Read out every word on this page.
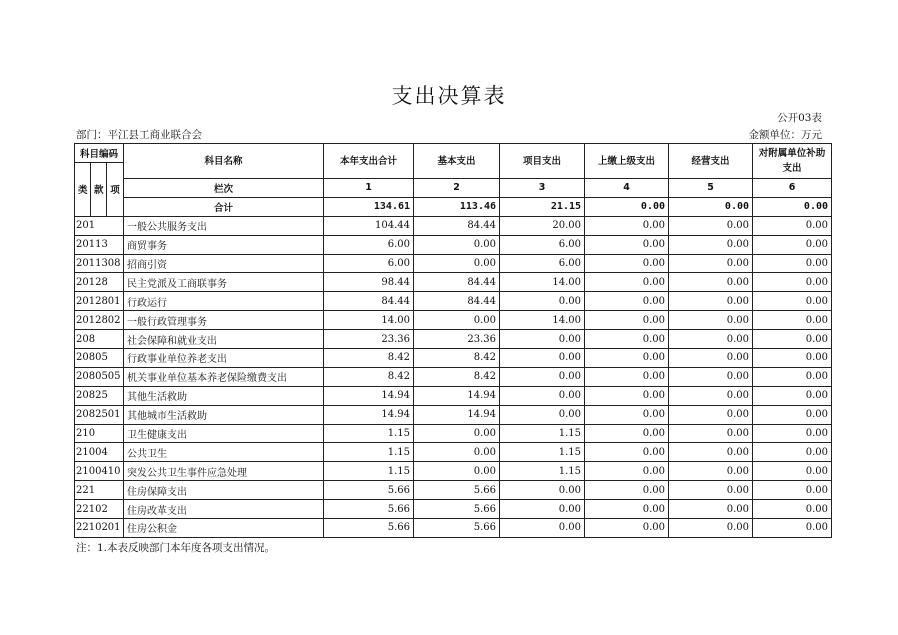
支出决算表
公开03表
部门：平江县工商业联合会	金额单位：万元
科目编码			科目名称	本年支出合计	基本支出	项目支出	上缴上级支出	经营支出	对附属单位补助支出
类	款	项							
			栏次	1	2	3	4	5	6
			合计	134.61	113.46	21.15	0.00	0.00	0.00
201			一般公共服务支出	104.44	84.44	20.00	0.00	0.00	0.00
20113			商贸事务	6.00	0.00	6.00	0.00	0.00	0.00
2011308			招商引资	6.00	0.00	6.00	0.00	0.00	0.00
20128			民主党派及工商联事务	98.44	84.44	14.00	0.00	0.00	0.00
2012801			行政运行	84.44	84.44	0.00	0.00	0.00	0.00
2012802			一般行政管理事务	14.00	0.00	14.00	0.00	0.00	0.00
208			社会保障和就业支出	23.36	23.36	0.00	0.00	0.00	0.00
20805			行政事业单位养老支出	8.42	8.42	0.00	0.00	0.00	0.00
2080505			机关事业单位基本养老保险缴费支出	8.42	8.42	0.00	0.00	0.00	0.00
20825			其他生活救助	14.94	14.94	0.00	0.00	0.00	0.00
2082501			其他城市生活救助	14.94	14.94	0.00	0.00	0.00	0.00
210			卫生健康支出	1.15	0.00	1.15	0.00	0.00	0.00
21004			公共卫生	1.15	0.00	1.15	0.00	0.00	0.00
2100410			突发公共卫生事件应急处理	1.15	0.00	1.15	0.00	0.00	0.00
221			住房保障支出	5.66	5.66	0.00	0.00	0.00	0.00
22102			住房改革支出	5.66	5.66	0.00	0.00	0.00	0.00
2210201			住房公积金	5.66	5.66	0.00	0.00	0.00	0.00
注：1.本表反映部门本年度各项支出情况。
